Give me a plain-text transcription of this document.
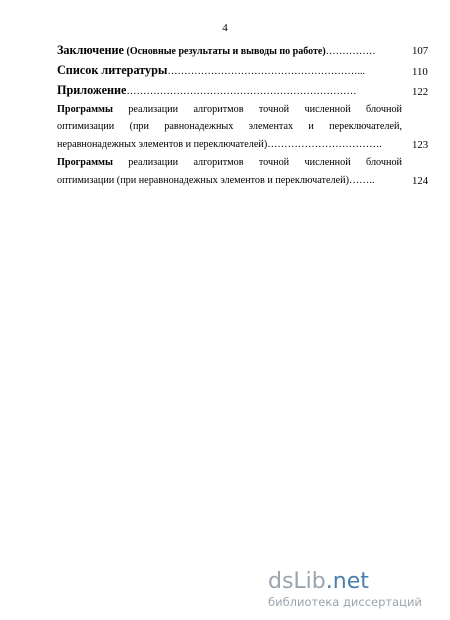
4
Заключение (Основные результаты и выводы по работе)……………	107
Список литературы…………………………………………………...	110
Приложение……………………………………………………………	122
Программы реализации алгоритмов точной численной блочной
оптимизации (при равнонадежных элементах и переключателей,
неравнонадежных элементов и переключателей)…………………………….	123
Программы реализации алгоритмов точной численной блочной
оптимизации (при неравнонадежных элементов и переключателей)……..	124
dsLib.net
библиотека диссертаций
